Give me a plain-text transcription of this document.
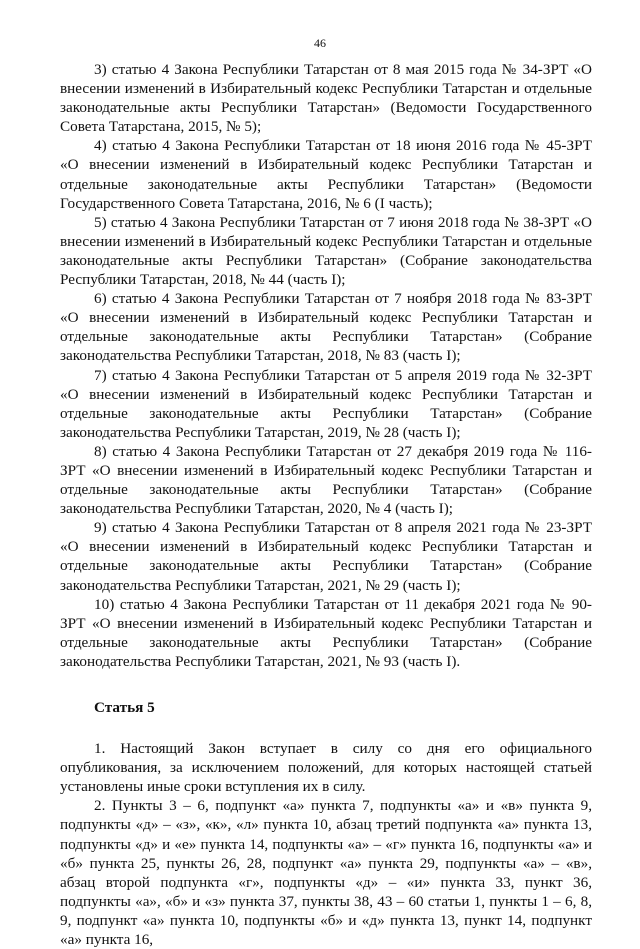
46

3) статью 4 Закона Республики Татарстан от 8 мая 2015 года № 34-ЗРТ «О внесении изменений в Избирательный кодекс Республики Татарстан и отдельные законодательные акты Республики Татарстан» (Ведомости Государственного Совета Татарстана, 2015, № 5);

4) статью 4 Закона Республики Татарстан от 18 июня 2016 года № 45-ЗРТ «О внесении изменений в Избирательный кодекс Республики Татарстан и отдельные законодательные акты Республики Татарстан» (Ведомости Государственного Совета Татарстана, 2016, № 6 (I часть);

5) статью 4 Закона Республики Татарстан от 7 июня 2018 года № 38-ЗРТ «О внесении изменений в Избирательный кодекс Республики Татарстан и отдельные законодательные акты Республики Татарстан» (Собрание законодательства Республики Татарстан, 2018, № 44 (часть I);

6) статью 4 Закона Республики Татарстан от 7 ноября 2018 года № 83-ЗРТ «О внесении изменений в Избирательный кодекс Республики Татарстан и отдельные законодательные акты Республики Татарстан» (Собрание законодательства Республики Татарстан, 2018, № 83 (часть I);

7) статью 4 Закона Республики Татарстан от 5 апреля 2019 года № 32-ЗРТ «О внесении изменений в Избирательный кодекс Республики Татарстан и отдельные законодательные акты Республики Татарстан» (Собрание законодательства Республики Татарстан, 2019, № 28 (часть I);

8) статью 4 Закона Республики Татарстан от 27 декабря 2019 года № 116-ЗРТ «О внесении изменений в Избирательный кодекс Республики Татарстан и отдельные законодательные акты Республики Татарстан» (Собрание законодательства Республики Татарстан, 2020, № 4 (часть I);

9) статью 4 Закона Республики Татарстан от 8 апреля 2021 года № 23-ЗРТ «О внесении изменений в Избирательный кодекс Республики Татарстан и отдельные законодательные акты Республики Татарстан» (Собрание законодательства Республики Татарстан, 2021, № 29 (часть I);

10) статью 4 Закона Республики Татарстан от 11 декабря 2021 года № 90-ЗРТ «О внесении изменений в Избирательный кодекс Республики Татарстан и отдельные законодательные акты Республики Татарстан» (Собрание законодательства Республики Татарстан, 2021, № 93 (часть I).

Статья 5

1. Настоящий Закон вступает в силу со дня его официального опубликования, за исключением положений, для которых настоящей статьей установлены иные сроки вступления их в силу.

2. Пункты 3 – 6, подпункт «а» пункта 7, подпункты «а» и «в» пункта 9, подпункты «д» – «з», «к», «л» пункта 10, абзац третий подпункта «а» пункта 13, подпункты «д» и «е» пункта 14, подпункты «а» – «г» пункта 16, подпункты «а» и «б» пункта 25, пункты 26, 28, подпункт «а» пункта 29, подпункты «а» – «в», абзац второй подпункта «г», подпункты «д» – «и» пункта 33, пункт 36, подпункты «а», «б» и «з» пункта 37, пункты 38, 43 – 60 статьи 1, пункты 1 – 6, 8, 9, подпункт «а» пункта 10, подпункты «б» и «д» пункта 13, пункт 14, подпункт «а» пункта 16,
